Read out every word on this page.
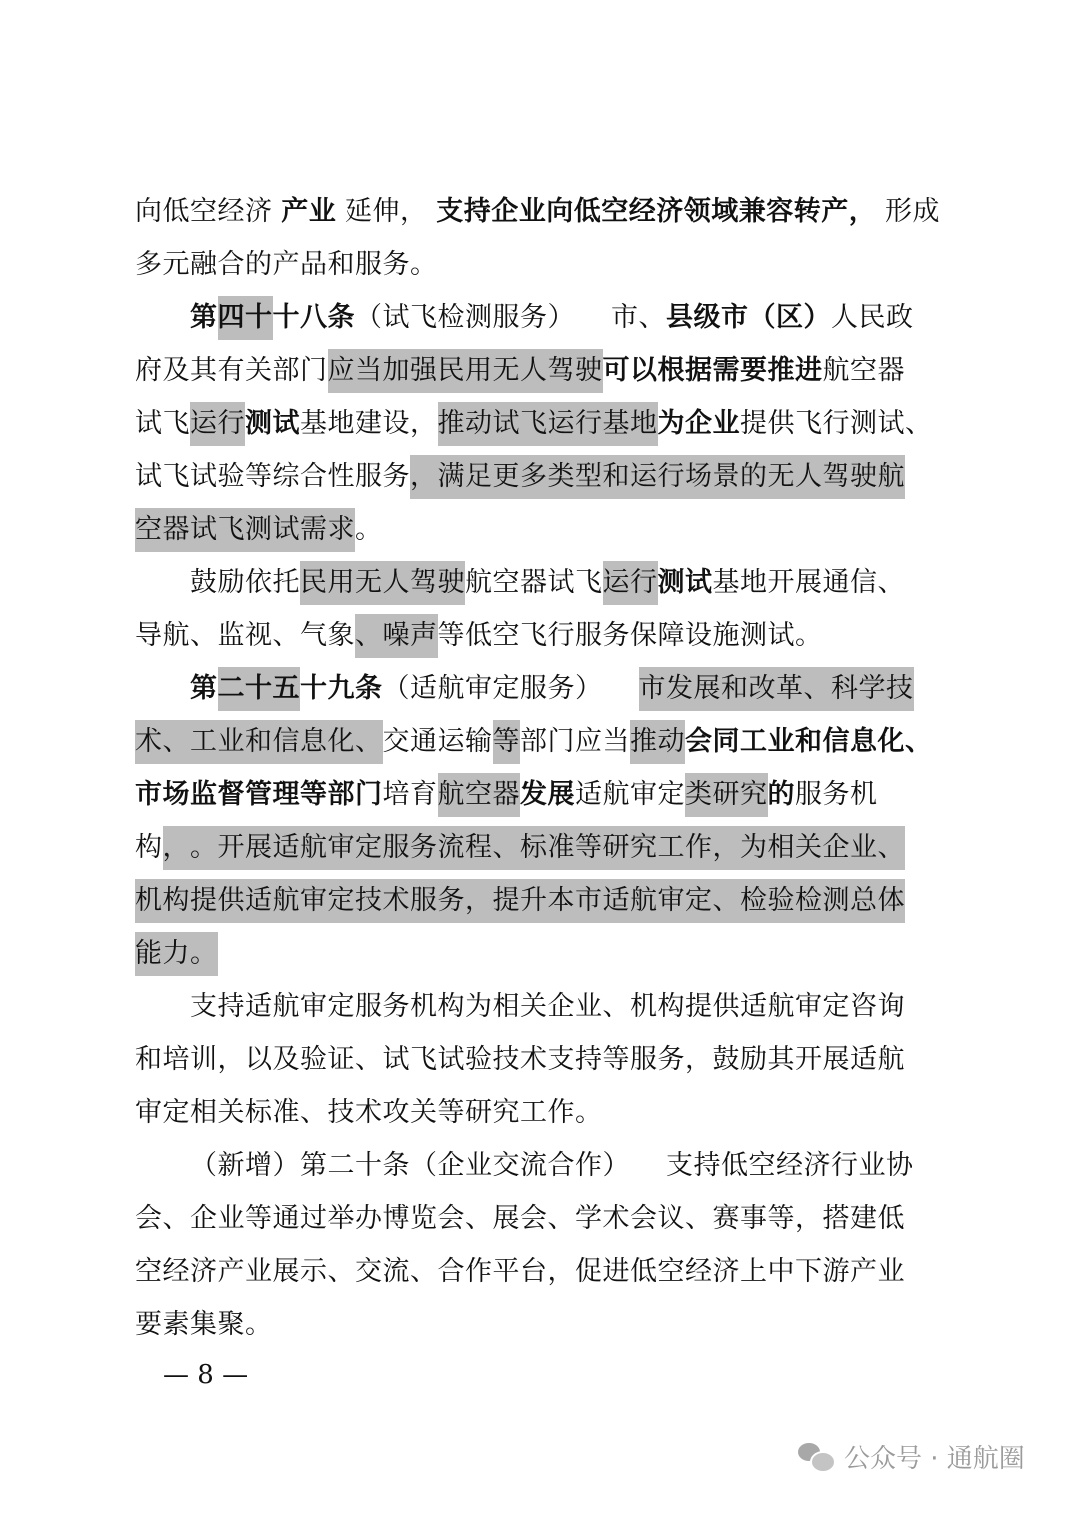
向低空经济 产业 延伸， 支持企业向低空经济领域兼容转产， 形成
多元融合的产品和服务。
第四十十八条（试飞检测服务） 市、县级市（区）人民政
府及其有关部门应当加强民用无人驾驶可以根据需要推进航空器
试飞运行测试基地建设，推动试飞运行基地为企业提供飞行测试、
试飞试验等综合性服务，满足更多类型和运行场景的无人驾驶航
空器试飞测试需求。
鼓励依托民用无人驾驶航空器试飞运行测试基地开展通信、
导航、监视、气象、噪声等低空飞行服务保障设施测试。
第二十五十九条（适航审定服务） 市发展和改革、科学技
术、工业和信息化、交通运输等部门应当推动会同工业和信息化、
市场监督管理等部门培育航空器发展适航审定类研究的服务机
构，。开展适航审定服务流程、标准等研究工作，为相关企业、
机构提供适航审定技术服务，提升本市适航审定、检验检测总体
能力。
支持适航审定服务机构为相关企业、机构提供适航审定咨询
和培训，以及验证、试飞试验技术支持等服务，鼓励其开展适航
审定相关标准、技术攻关等研究工作。
（新增）第二十条（企业交流合作） 支持低空经济行业协
会、企业等通过举办博览会、展会、学术会议、赛事等，搭建低
空经济产业展示、交流、合作平台，促进低空经济上中下游产业
要素集聚。
— 8 —
公众号 · 通航圈
